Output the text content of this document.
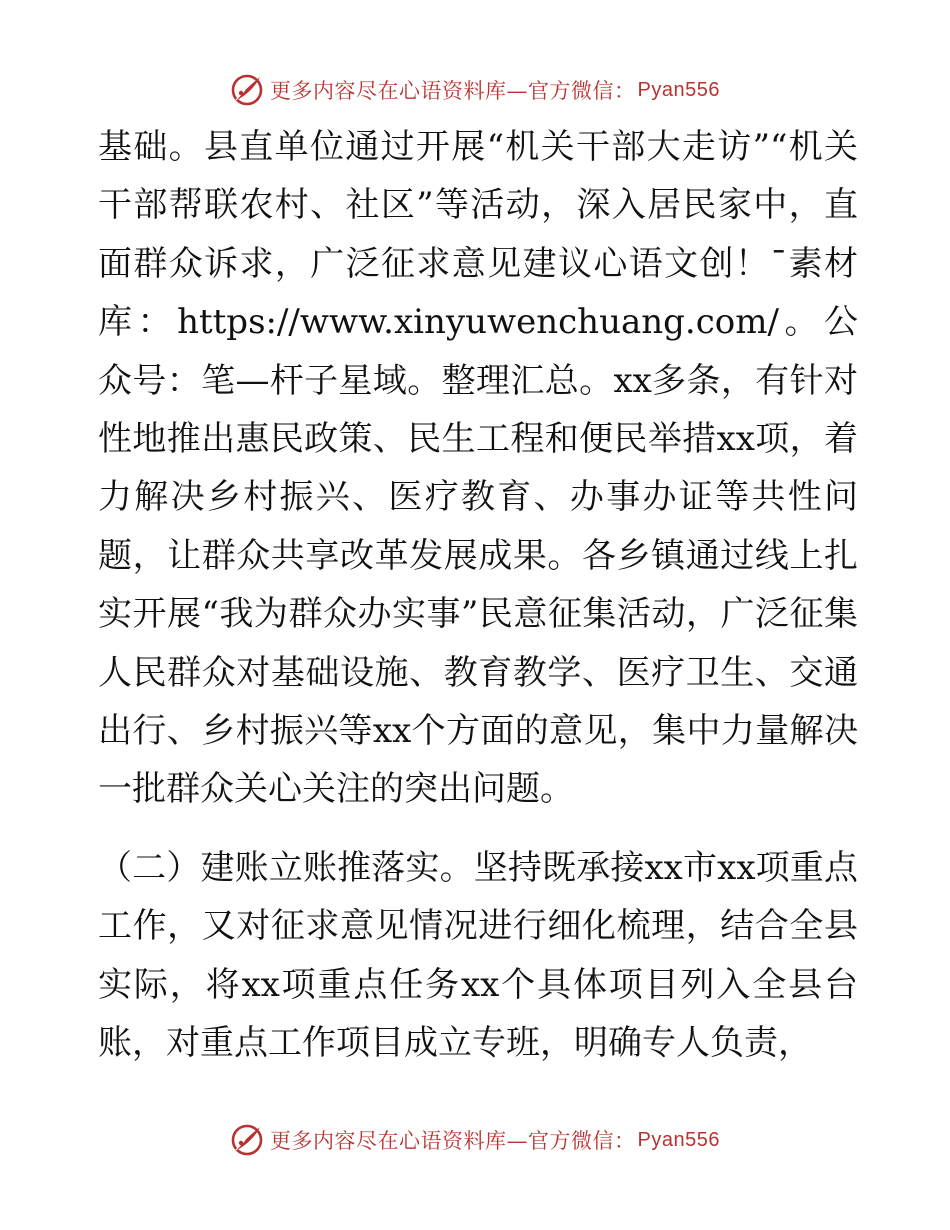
更多内容尽在心语资料库—官方微信： Pyan556

基础。县直单位通过开展“机关干部大走访”“机关干部帮联农村、社区”等活动，深入居民家中，直面群众诉求，广泛征求意见建议心语文创！¯素材库：https://www.xinyuwenchuang.com/。公众号：笔—杆子星域。整理汇总。xx多条，有针对性地推出惠民政策、民生工程和便民举措xx项，着力解决乡村振兴、医疗教育、办事办证等共性问题，让群众共享改革发展成果。各乡镇通过线上扎实开展“我为群众办实事”民意征集活动，广泛征集人民群众对基础设施、教育教学、医疗卫生、交通出行、乡村振兴等xx个方面的意见，集中力量解决一批群众关心关注的突出问题。

（二）建账立账推落实。坚持既承接xx市xx项重点工作，又对征求意见情况进行细化梳理，结合全县实际，将xx项重点任务xx个具体项目列入全县台账，对重点工作项目成立专班，明确专人负责，

更多内容尽在心语资料库—官方微信： Pyan556
